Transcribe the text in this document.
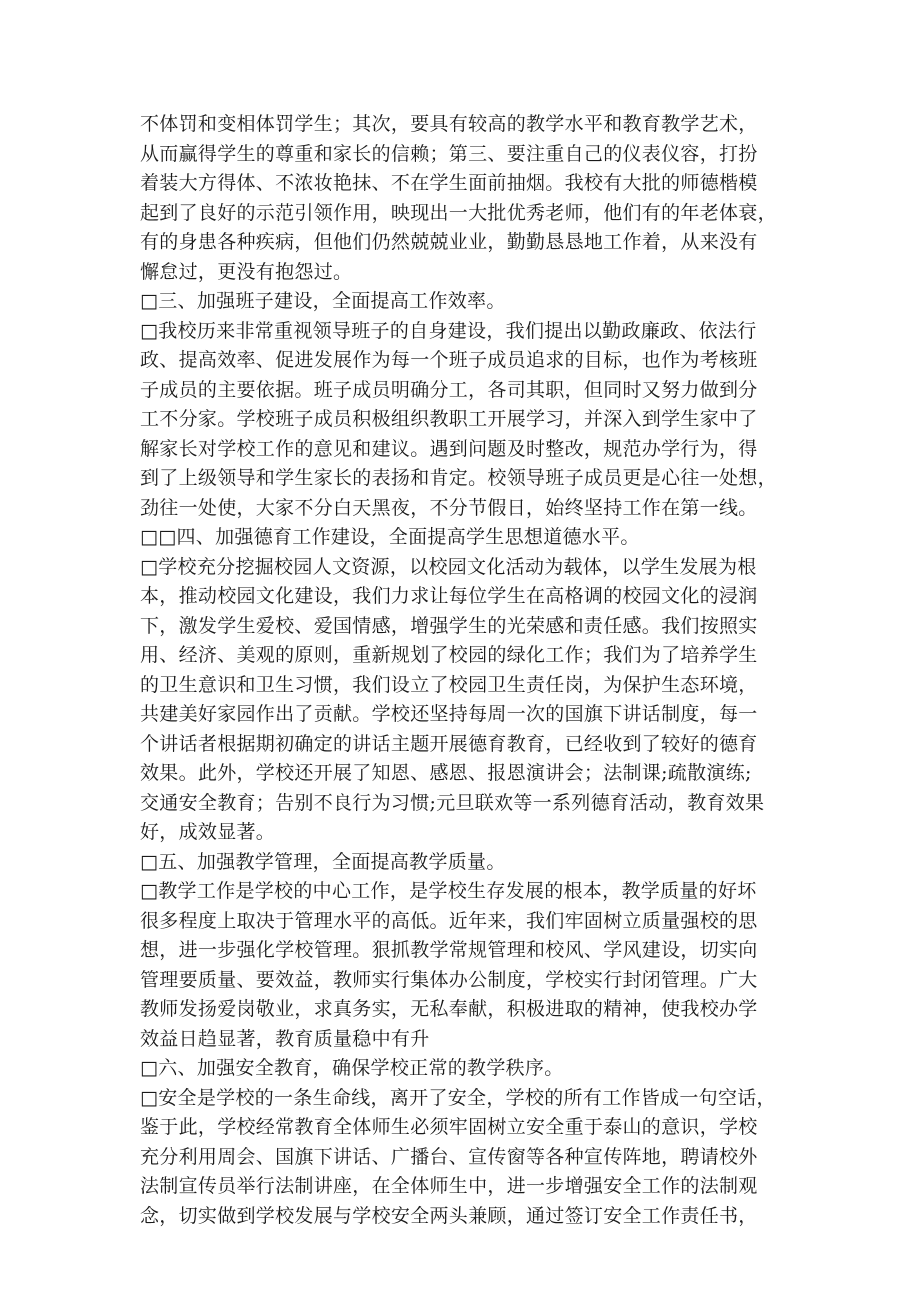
不体罚和变相体罚学生；其次，要具有较高的教学水平和教育教学艺术，
从而赢得学生的尊重和家长的信赖；第三、要注重自己的仪表仪容，打扮
着装大方得体、不浓妆艳抹、不在学生面前抽烟。我校有大批的师德楷模
起到了良好的示范引领作用，映现出一大批优秀老师，他们有的年老体衰，
有的身患各种疾病，但他们仍然兢兢业业，勤勤恳恳地工作着，从来没有
懈怠过，更没有抱怨过。
□三、加强班子建设，全面提高工作效率。
□我校历来非常重视领导班子的自身建设，我们提出以勤政廉政、依法行
政、提高效率、促进发展作为每一个班子成员追求的目标，也作为考核班
子成员的主要依据。班子成员明确分工，各司其职，但同时又努力做到分
工不分家。学校班子成员积极组织教职工开展学习，并深入到学生家中了
解家长对学校工作的意见和建议。遇到问题及时整改，规范办学行为，得
到了上级领导和学生家长的表扬和肯定。校领导班子成员更是心往一处想，
劲往一处使，大家不分白天黑夜，不分节假日，始终坚持工作在第一线。
□□四、加强德育工作建设，全面提高学生思想道德水平。
□学校充分挖掘校园人文资源，以校园文化活动为载体，以学生发展为根
本，推动校园文化建设，我们力求让每位学生在高格调的校园文化的浸润
下，激发学生爱校、爱国情感，增强学生的光荣感和责任感。我们按照实
用、经济、美观的原则，重新规划了校园的绿化工作；我们为了培养学生
的卫生意识和卫生习惯，我们设立了校园卫生责任岗，为保护生态环境，
共建美好家园作出了贡献。学校还坚持每周一次的国旗下讲话制度，每一
个讲话者根据期初确定的讲话主题开展德育教育，已经收到了较好的德育
效果。此外，学校还开展了知恩、感恩、报恩演讲会；法制课;疏散演练;
交通安全教育；告别不良行为习惯;元旦联欢等一系列德育活动，教育效果
好，成效显著。
□五、加强教学管理，全面提高教学质量。
□教学工作是学校的中心工作，是学校生存发展的根本，教学质量的好坏
很多程度上取决于管理水平的高低。近年来，我们牢固树立质量强校的思
想，进一步强化学校管理。狠抓教学常规管理和校风、学风建设，切实向
管理要质量、要效益，教师实行集体办公制度，学校实行封闭管理。广大
教师发扬爱岗敬业，求真务实，无私奉献，积极进取的精神，使我校办学
效益日趋显著，教育质量稳中有升
□六、加强安全教育，确保学校正常的教学秩序。
□安全是学校的一条生命线，离开了安全，学校的所有工作皆成一句空话，
鉴于此，学校经常教育全体师生必须牢固树立安全重于泰山的意识，学校
充分利用周会、国旗下讲话、广播台、宣传窗等各种宣传阵地，聘请校外
法制宣传员举行法制讲座，在全体师生中，进一步增强安全工作的法制观
念，切实做到学校发展与学校安全两头兼顾，通过签订安全工作责任书，
